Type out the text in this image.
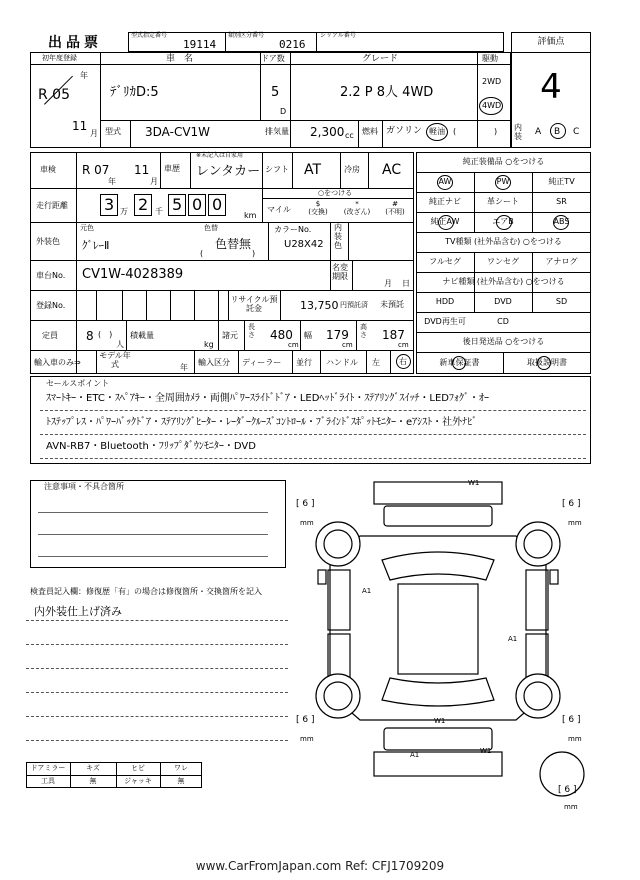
出品票	型式指定番号
19114
類別区分番号
0216
シリアル番号
評価点
4
初年度登録
年
R 05
11
月
車　名
ﾃﾞﾘｶD:5
ドア数
5
D
グレード
2.2 P 8人 4WD
駆動
2WD
4WD
型式 3DA-CV1W	排気量 2,300 cc 燃料 ガソリン 軽油 (	) 内装	A B C
車検 R 07
年
11
月
※未記入は自家用
車歴 レンタカー シフト AT	冷房 AC
走行距離 3 万 2 千 5 0 0
km
○をつける
マイル
$
(交換)
*
(改ざん)
#
(不明)
外装色
元色
ｸﾞﾚｰⅡ
色替
色替無
(	)
カラーNo.
U28X42
内装色
車台No. CV1W-4028389	名変期限
月 日
登録No.
リサイクル預託金	13,750 円預託済 未預託
定員 8 (　)
人
積載量
kg
諸元
長さ 480
cm
幅 179
cm
高さ 187
cm
輸入車のみ⇒
モデル年式	年
輸入区分 ディーラー 並行 ハンドル 左 右
純正装備品 ○をつける
AW	PW	純正TV
純正ナビ	革シート	SR
純正AW	エアB	ABS
TV種類 (社外品含む) ○をつける
フルセグ	ワンセグ	アナログ
ナビ種類 (社外品含む) ○をつける
HDD	DVD	SD
DVD再生可	CD
後日発送品 ○をつける
新車保証書	取扱説明書
セールスポイント
ｽﾏｰﾄｷｰ・ETC・ｽﾍﾟｱｷｰ・全周囲ｶﾒﾗ・両側ﾊﾟﾜｰｽﾗｲﾄﾞﾄﾞｱ・LEDﾍｯﾄﾞﾗｲﾄ・ｽﾃｱﾘﾝｸﾞｽｲｯﾁ・LEDﾌｫｸﾞ・ｵｰ
ﾄｽﾃｯﾌﾟﾚｽ・ﾊﾟﾜｰﾊﾞｯｸﾄﾞｱ・ｽﾃｱﾘﾝｸﾞﾋｰﾀｰ・ﾚｰﾀﾞｰｸﾙｰｽﾞｺﾝﾄﾛｰﾙ・ﾌﾞﾗｲﾝﾄﾞｽﾎﾟｯﾄﾓﾆﾀｰ・eｱｼｽﾄ・社外ﾅﾋﾞ
AVN-RB7・Bluetooth・ﾌﾘｯﾌﾟﾀﾞｳﾝﾓﾆﾀｰ・DVD
注意事項・不具合箇所
検査員記入欄：修復歴「有」の場合は修復箇所・交換箇所を記入
内外装仕上げ済み
ドアミラー	キズ	ヒビ	ワレ
工具	無	ジャッキ	無
W1
A1
A1
W1
A1	W1
[ 6 ]
mm
[ 6 ]
mm
[ 6 ]
mm
[ 6 ]
mm
[ 6 ]
mm
www.CarFromJapan.com Ref: CFJ1709209
